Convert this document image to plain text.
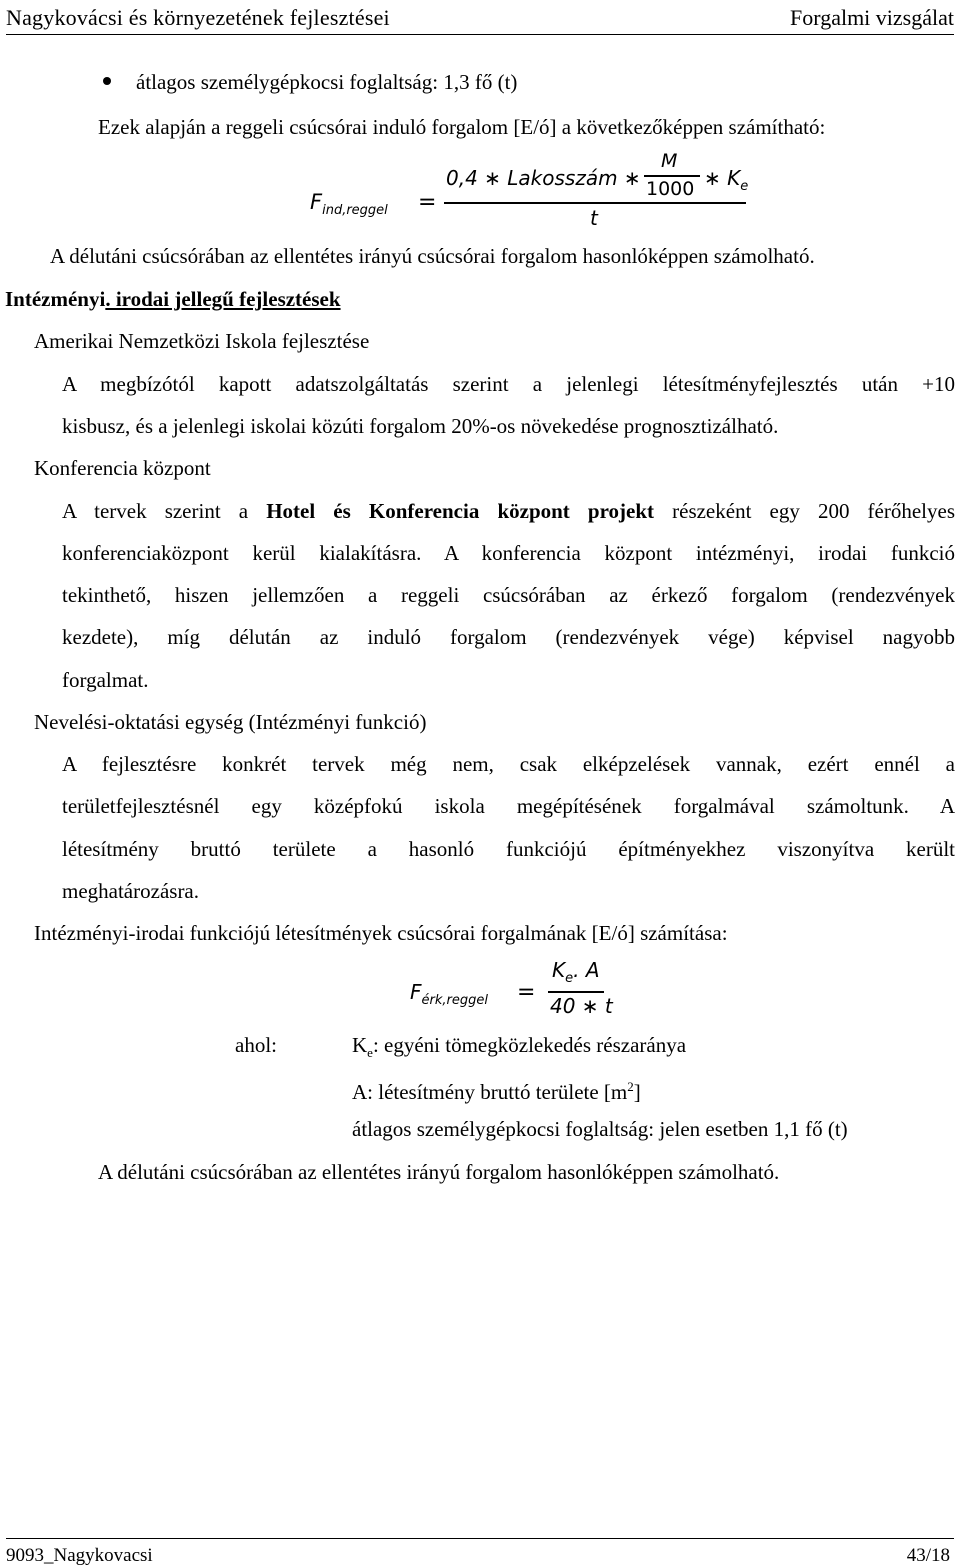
Nagykovácsi és környezetének fejlesztései	Forgalmi vizsgálat
átlagos személygépkocsi foglaltság: 1,3 fő (t)
Ezek alapján a reggeli csúcsórai induló forgalom [E/ó] a következőképpen számítható:
$F_{ind,reggel}$ =
0,4 ∗ Lakosszám ∗
M
1000 ∗ $K_e$
t
A délutáni csúcsórában az ellentétes irányú csúcsórai forgalom hasonlóképpen számolható.
Intézményi. irodai jellegű fejlesztések
Amerikai Nemzetközi Iskola fejlesztése
A megbízótól kapott adatszolgáltatás szerint a jelenlegi létesítményfejlesztés után +10
kisbusz, és a jelenlegi iskolai közúti forgalom 20%-os növekedése prognosztizálható.
Konferencia központ
A tervek szerint a Hotel és Konferencia központ projekt részeként egy 200 férőhelyes
konferenciaközpont kerül kialakításra. A konferencia központ intézményi, irodai funkció
tekinthető, hiszen jellemzően a reggeli csúcsórában az érkező forgalom (rendezvények
kezdete), míg délután az induló forgalom (rendezvények vége) képvisel nagyobb
forgalmat.
Nevelési-oktatási egység (Intézményi funkció)
A fejlesztésre konkrét tervek még nem, csak elképzelések vannak, ezért ennél a
területfejlesztésnél egy középfokú iskola megépítésének forgalmával számoltunk. A
létesítmény bruttó területe a hasonló funkciójú építményekhez viszonyítva került
meghatározásra.
Intézményi-irodai funkciójú létesítmények csúcsórai forgalmának [E/ó] számítása:
$F_{érk,reggel}$ =
$K_e$. A
40 ∗ t
ahol:	$K_e$: egyéni tömegközlekedés részaránya
A: létesítmény bruttó területe $[m^2]$
átlagos személygépkocsi foglaltság: jelen esetben 1,1 fő (t)
A délutáni csúcsórában az ellentétes irányú forgalom hasonlóképpen számolható.
9093_Nagykovacsi	43/18
